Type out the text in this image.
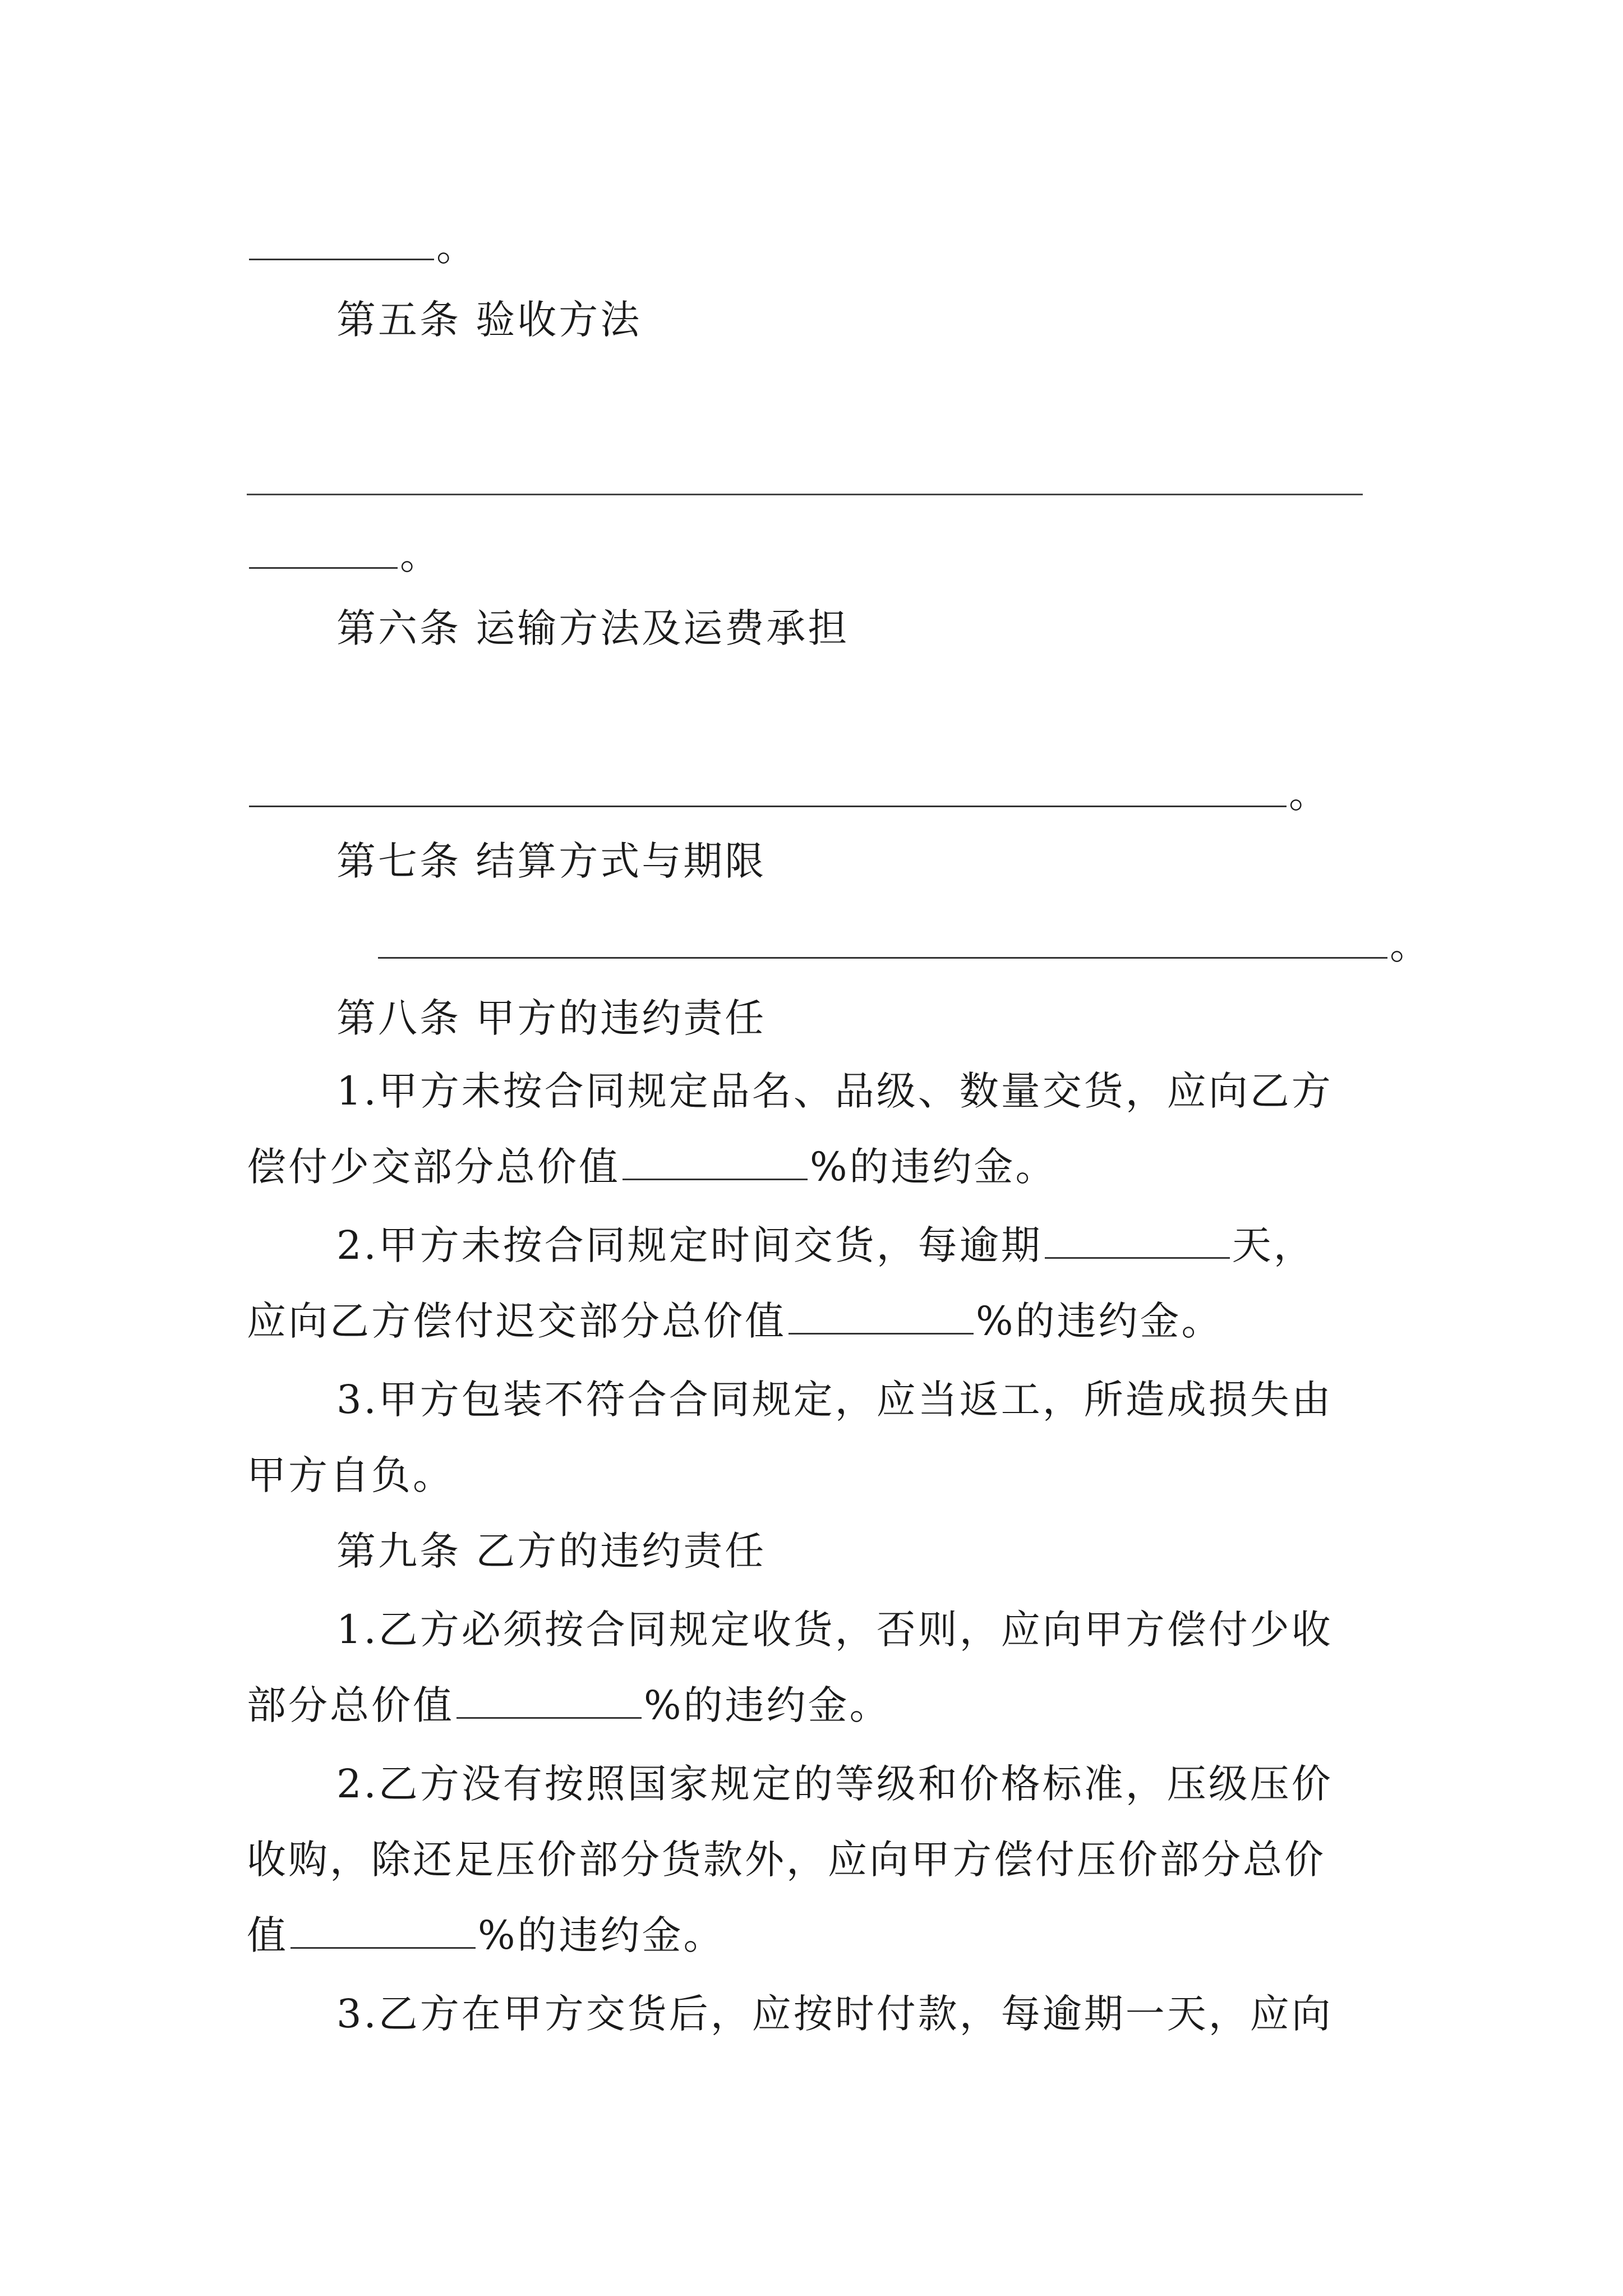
。
第五条 验收方法
。
第六条 运输方法及运费承担
。
第七条 结算方式与期限
。
第八条 甲方的违约责任
1.甲方未按合同规定品名、品级、数量交货，应向乙方
偿付少交部分总价值	%的违约金。
2.甲方未按合同规定时间交货，每逾期	天，
应向乙方偿付迟交部分总价值	%的违约金。
3.甲方包装不符合合同规定，应当返工，所造成损失由
甲方自负。
第九条 乙方的违约责任
1.乙方必须按合同规定收货，否则，应向甲方偿付少收
部分总价值	%的违约金。
2.乙方没有按照国家规定的等级和价格标准，压级压价
收购，除还足压价部分货款外，应向甲方偿付压价部分总价
值	%的违约金。
3.乙方在甲方交货后，应按时付款，每逾期一天，应向
